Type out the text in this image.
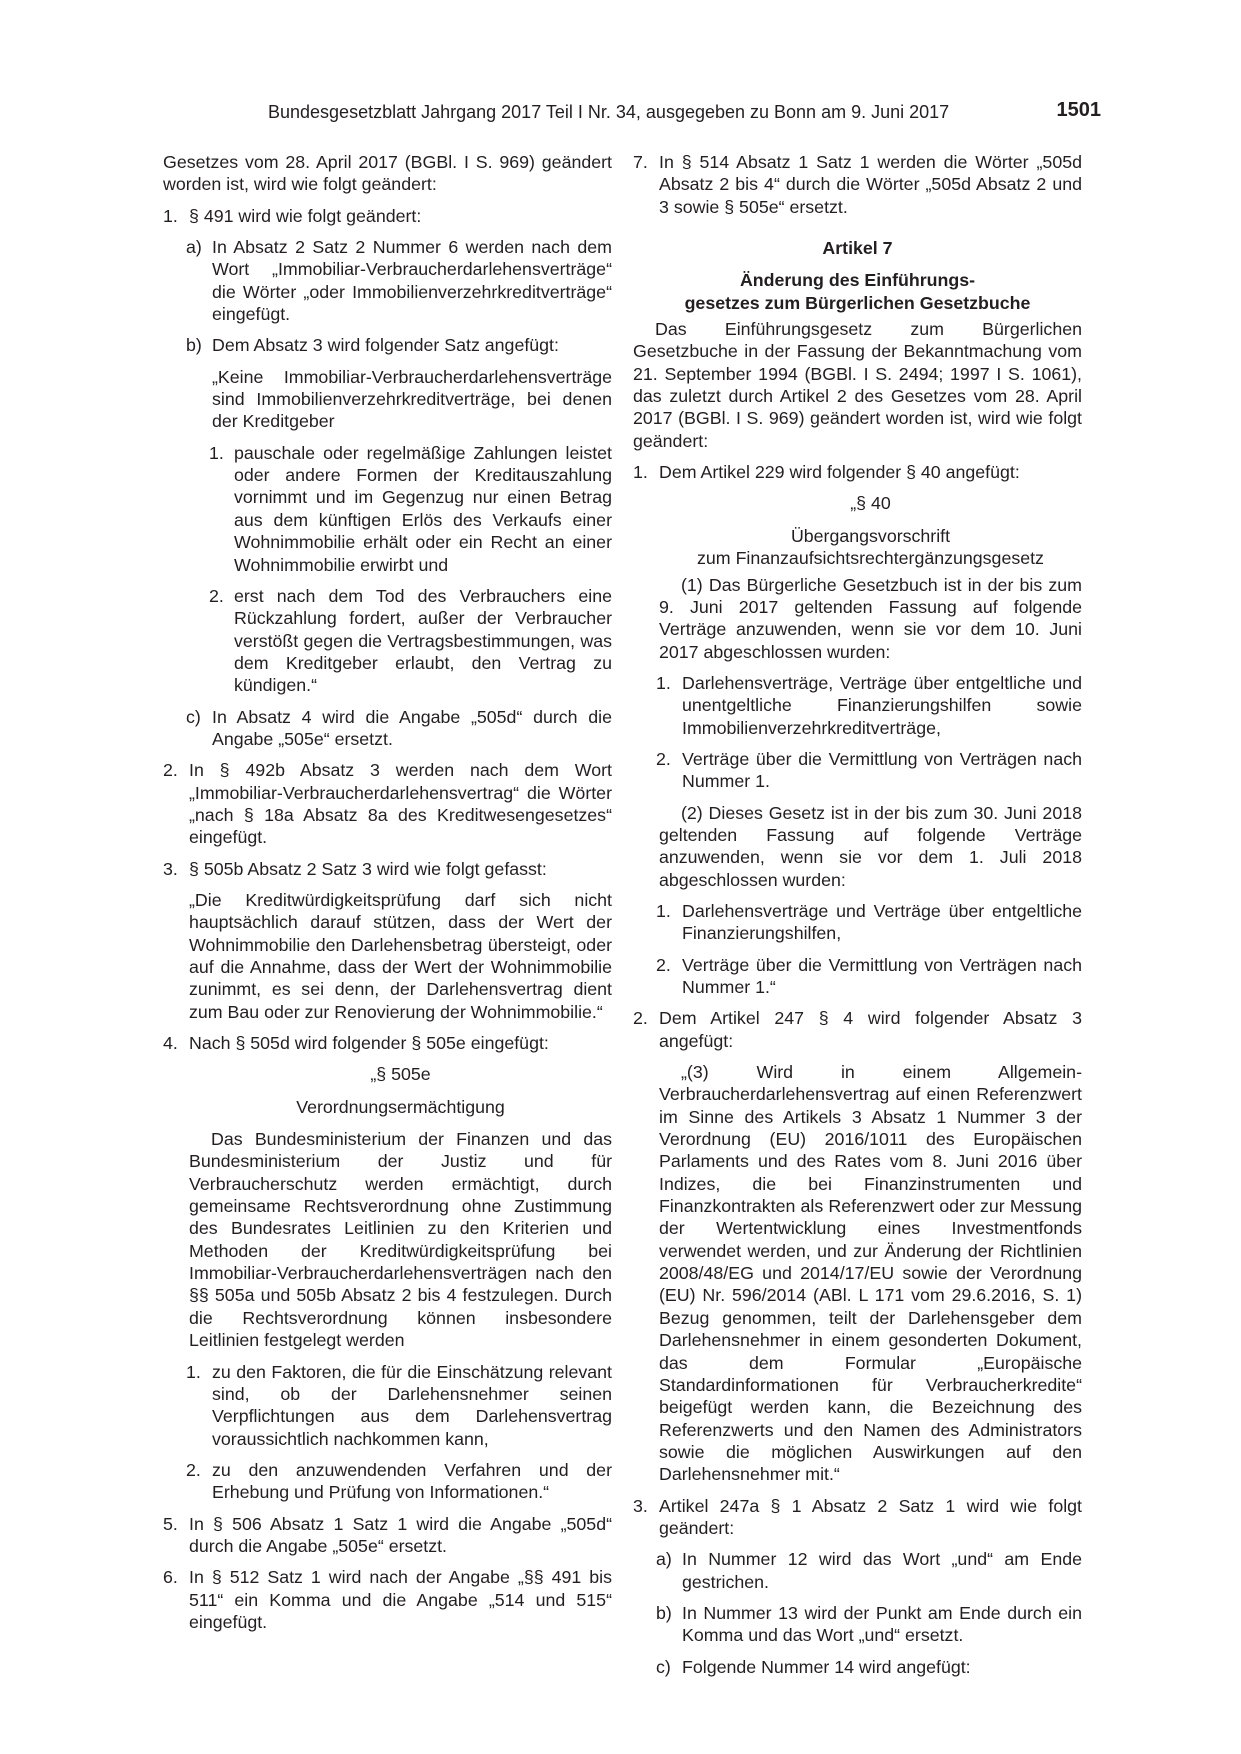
Bundesgesetzblatt Jahrgang 2017 Teil I Nr. 34, ausgegeben zu Bonn am 9. Juni 2017	1501

Gesetzes vom 28. April 2017 (BGBl. I S. 969) geändert worden ist, wird wie folgt geändert:

1. § 491 wird wie folgt geändert:
a) In Absatz 2 Satz 2 Nummer 6 werden nach dem Wort „Immobiliar-Verbraucherdarlehensverträge“ die Wörter „oder Immobilienverzehrkreditverträge“ eingefügt.
b) Dem Absatz 3 wird folgender Satz angefügt:

„Keine Immobiliar-Verbraucherdarlehensverträge sind Immobilienverzehrkreditverträge, bei denen der Kreditgeber

1. pauschale oder regelmäßige Zahlungen leistet oder andere Formen der Kreditauszahlung vornimmt und im Gegenzug nur einen Betrag aus dem künftigen Erlös des Verkaufs einer Wohnimmobilie erhält oder ein Recht an einer Wohnimmobilie erwirbt und
2. erst nach dem Tod des Verbrauchers eine Rückzahlung fordert, außer der Verbraucher verstößt gegen die Vertragsbestimmungen, was dem Kreditgeber erlaubt, den Vertrag zu kündigen.“
c) In Absatz 4 wird die Angabe „505d“ durch die Angabe „505e“ ersetzt.
2. In § 492b Absatz 3 werden nach dem Wort „Immobiliar-Verbraucherdarlehensvertrag“ die Wörter „nach § 18a Absatz 8a des Kreditwesengesetzes“ eingefügt.
3. § 505b Absatz 2 Satz 3 wird wie folgt gefasst:

„Die Kreditwürdigkeitsprüfung darf sich nicht hauptsächlich darauf stützen, dass der Wert der Wohnimmobilie den Darlehensbetrag übersteigt, oder auf die Annahme, dass der Wert der Wohnimmobilie zunimmt, es sei denn, der Darlehensvertrag dient zum Bau oder zur Renovierung der Wohnimmobilie.“

4. Nach § 505d wird folgender § 505e eingefügt:
„§ 505e
Verordnungsermächtigung

Das Bundesministerium der Finanzen und das Bundesministerium der Justiz und für Verbraucherschutz werden ermächtigt, durch gemeinsame Rechtsverordnung ohne Zustimmung des Bundesrates Leitlinien zu den Kriterien und Methoden der Kreditwürdigkeitsprüfung bei Immobiliar-Verbraucherdarlehensverträgen nach den §§ 505a und 505b Absatz 2 bis 4 festzulegen. Durch die Rechtsverordnung können insbesondere Leitlinien festgelegt werden

1. zu den Faktoren, die für die Einschätzung relevant sind, ob der Darlehensnehmer seinen Verpflichtungen aus dem Darlehensvertrag voraussichtlich nachkommen kann,
2. zu den anzuwendenden Verfahren und der Erhebung und Prüfung von Informationen.“
5. In § 506 Absatz 1 Satz 1 wird die Angabe „505d“ durch die Angabe „505e“ ersetzt.
6. In § 512 Satz 1 wird nach der Angabe „§§ 491 bis 511“ ein Komma und die Angabe „514 und 515“ eingefügt.
7. In § 514 Absatz 1 Satz 1 werden die Wörter „505d Absatz 2 bis 4“ durch die Wörter „505d Absatz 2 und 3 sowie § 505e“ ersetzt.
Artikel 7
Änderung des Einführungs-
gesetzes zum Bürgerlichen Gesetzbuche

Das Einführungsgesetz zum Bürgerlichen Gesetzbuche in der Fassung der Bekanntmachung vom 21. September 1994 (BGBl. I S. 2494; 1997 I S. 1061), das zuletzt durch Artikel 2 des Gesetzes vom 28. April 2017 (BGBl. I S. 969) geändert worden ist, wird wie folgt geändert:

1. Dem Artikel 229 wird folgender § 40 angefügt:
„§ 40
Übergangsvorschrift
zum Finanzaufsichtsrechtergänzungsgesetz

(1) Das Bürgerliche Gesetzbuch ist in der bis zum 9. Juni 2017 geltenden Fassung auf folgende Verträge anzuwenden, wenn sie vor dem 10. Juni 2017 abgeschlossen wurden:

1. Darlehensverträge, Verträge über entgeltliche und unentgeltliche Finanzierungshilfen sowie Immobilienverzehrkreditverträge,
2. Verträge über die Vermittlung von Verträgen nach Nummer 1.

(2) Dieses Gesetz ist in der bis zum 30. Juni 2018 geltenden Fassung auf folgende Verträge anzuwenden, wenn sie vor dem 1. Juli 2018 abgeschlossen wurden:

1. Darlehensverträge und Verträge über entgeltliche Finanzierungshilfen,
2. Verträge über die Vermittlung von Verträgen nach Nummer 1.“
2. Dem Artikel 247 § 4 wird folgender Absatz 3 angefügt:

„(3) Wird in einem Allgemein-Verbraucherdarlehensvertrag auf einen Referenzwert im Sinne des Artikels 3 Absatz 1 Nummer 3 der Verordnung (EU) 2016/1011 des Europäischen Parlaments und des Rates vom 8. Juni 2016 über Indizes, die bei Finanzinstrumenten und Finanzkontrakten als Referenzwert oder zur Messung der Wertentwicklung eines Investmentfonds verwendet werden, und zur Änderung der Richtlinien 2008/48/EG und 2014/17/EU sowie der Verordnung (EU) Nr. 596/2014 (ABl. L 171 vom 29.6.2016, S. 1) Bezug genommen, teilt der Darlehensgeber dem Darlehensnehmer in einem gesonderten Dokument, das dem Formular „Europäische Standardinformationen für Verbraucherkredite“ beigefügt werden kann, die Bezeichnung des Referenzwerts und den Namen des Administrators sowie die möglichen Auswirkungen auf den Darlehensnehmer mit.“

3. Artikel 247a § 1 Absatz 2 Satz 1 wird wie folgt geändert:
a) In Nummer 12 wird das Wort „und“ am Ende gestrichen.
b) In Nummer 13 wird der Punkt am Ende durch ein Komma und das Wort „und“ ersetzt.
c) Folgende Nummer 14 wird angefügt:
